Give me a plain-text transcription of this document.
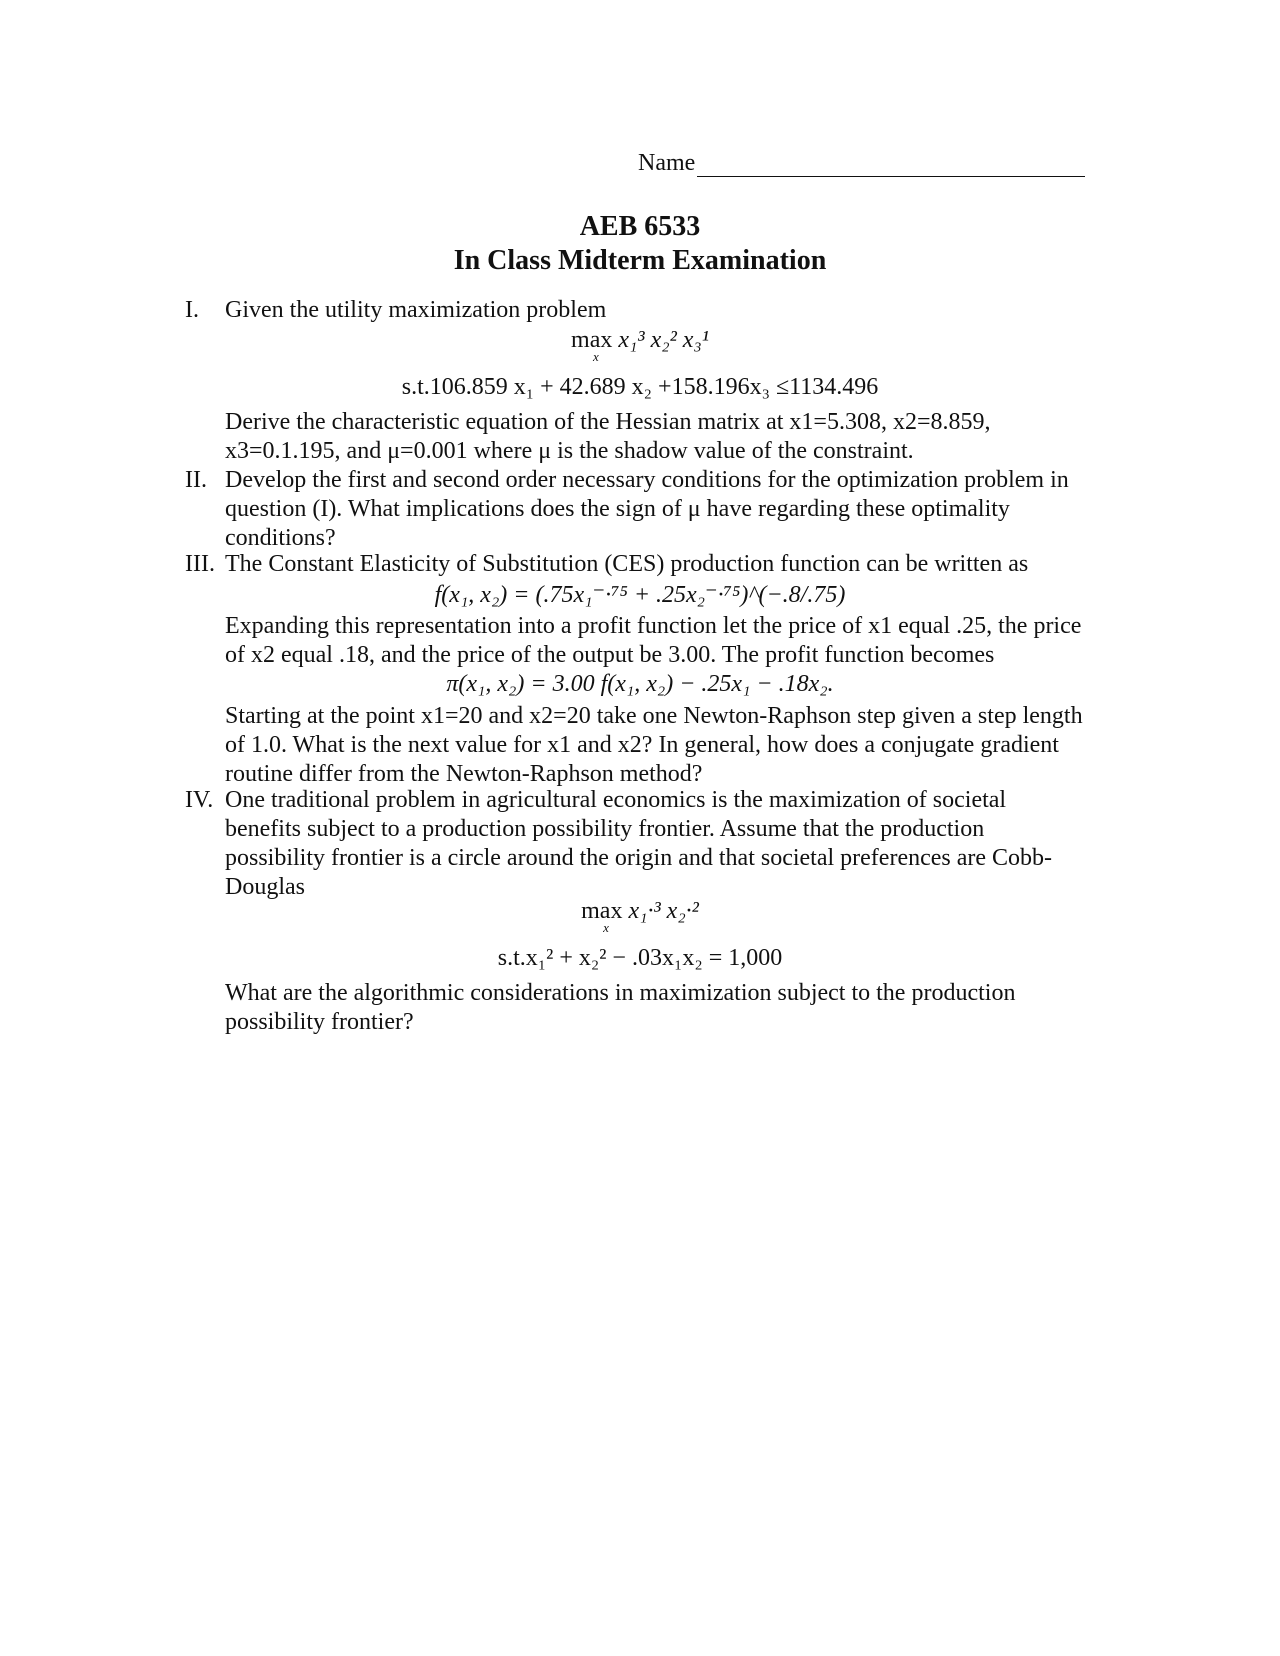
Name
AEB 6533
In Class Midterm Examination
I. Given the utility maximization problem
max
x
x₁³ x₂² x₃¹
s.t.106.859 x₁ + 42.689 x₂ +158.196x₃ ≤1134.496
Derive the characteristic equation of the Hessian matrix at x1=5.308, x2=8.859, x3=0.1.195, and μ=0.001 where μ is the shadow value of the constraint.
II. Develop the first and second order necessary conditions for the optimization problem in question (I). What implications does the sign of μ have regarding these optimality conditions?
III. The Constant Elasticity of Substitution (CES) production function can be written as
f(x₁, x₂) = (.75x₁⁻·⁷⁵ + .25x₂⁻·⁷⁵)^(−.8/.75)
Expanding this representation into a profit function let the price of x1 equal .25, the price of x2 equal .18, and the price of the output be 3.00. The profit function becomes
π(x₁, x₂) = 3.00 f(x₁, x₂) − .25x₁ − .18x₂.
Starting at the point x1=20 and x2=20 take one Newton-Raphson step given a step length of 1.0. What is the next value for x1 and x2? In general, how does a conjugate gradient routine differ from the Newton-Raphson method?
IV. One traditional problem in agricultural economics is the maximization of societal benefits subject to a production possibility frontier. Assume that the production possibility frontier is a circle around the origin and that societal preferences are Cobb-Douglas
max
x
x₁·³ x₂·²
s.t.x₁² + x₂² − .03x₁x₂ = 1,000
What are the algorithmic considerations in maximization subject to the production possibility frontier?
